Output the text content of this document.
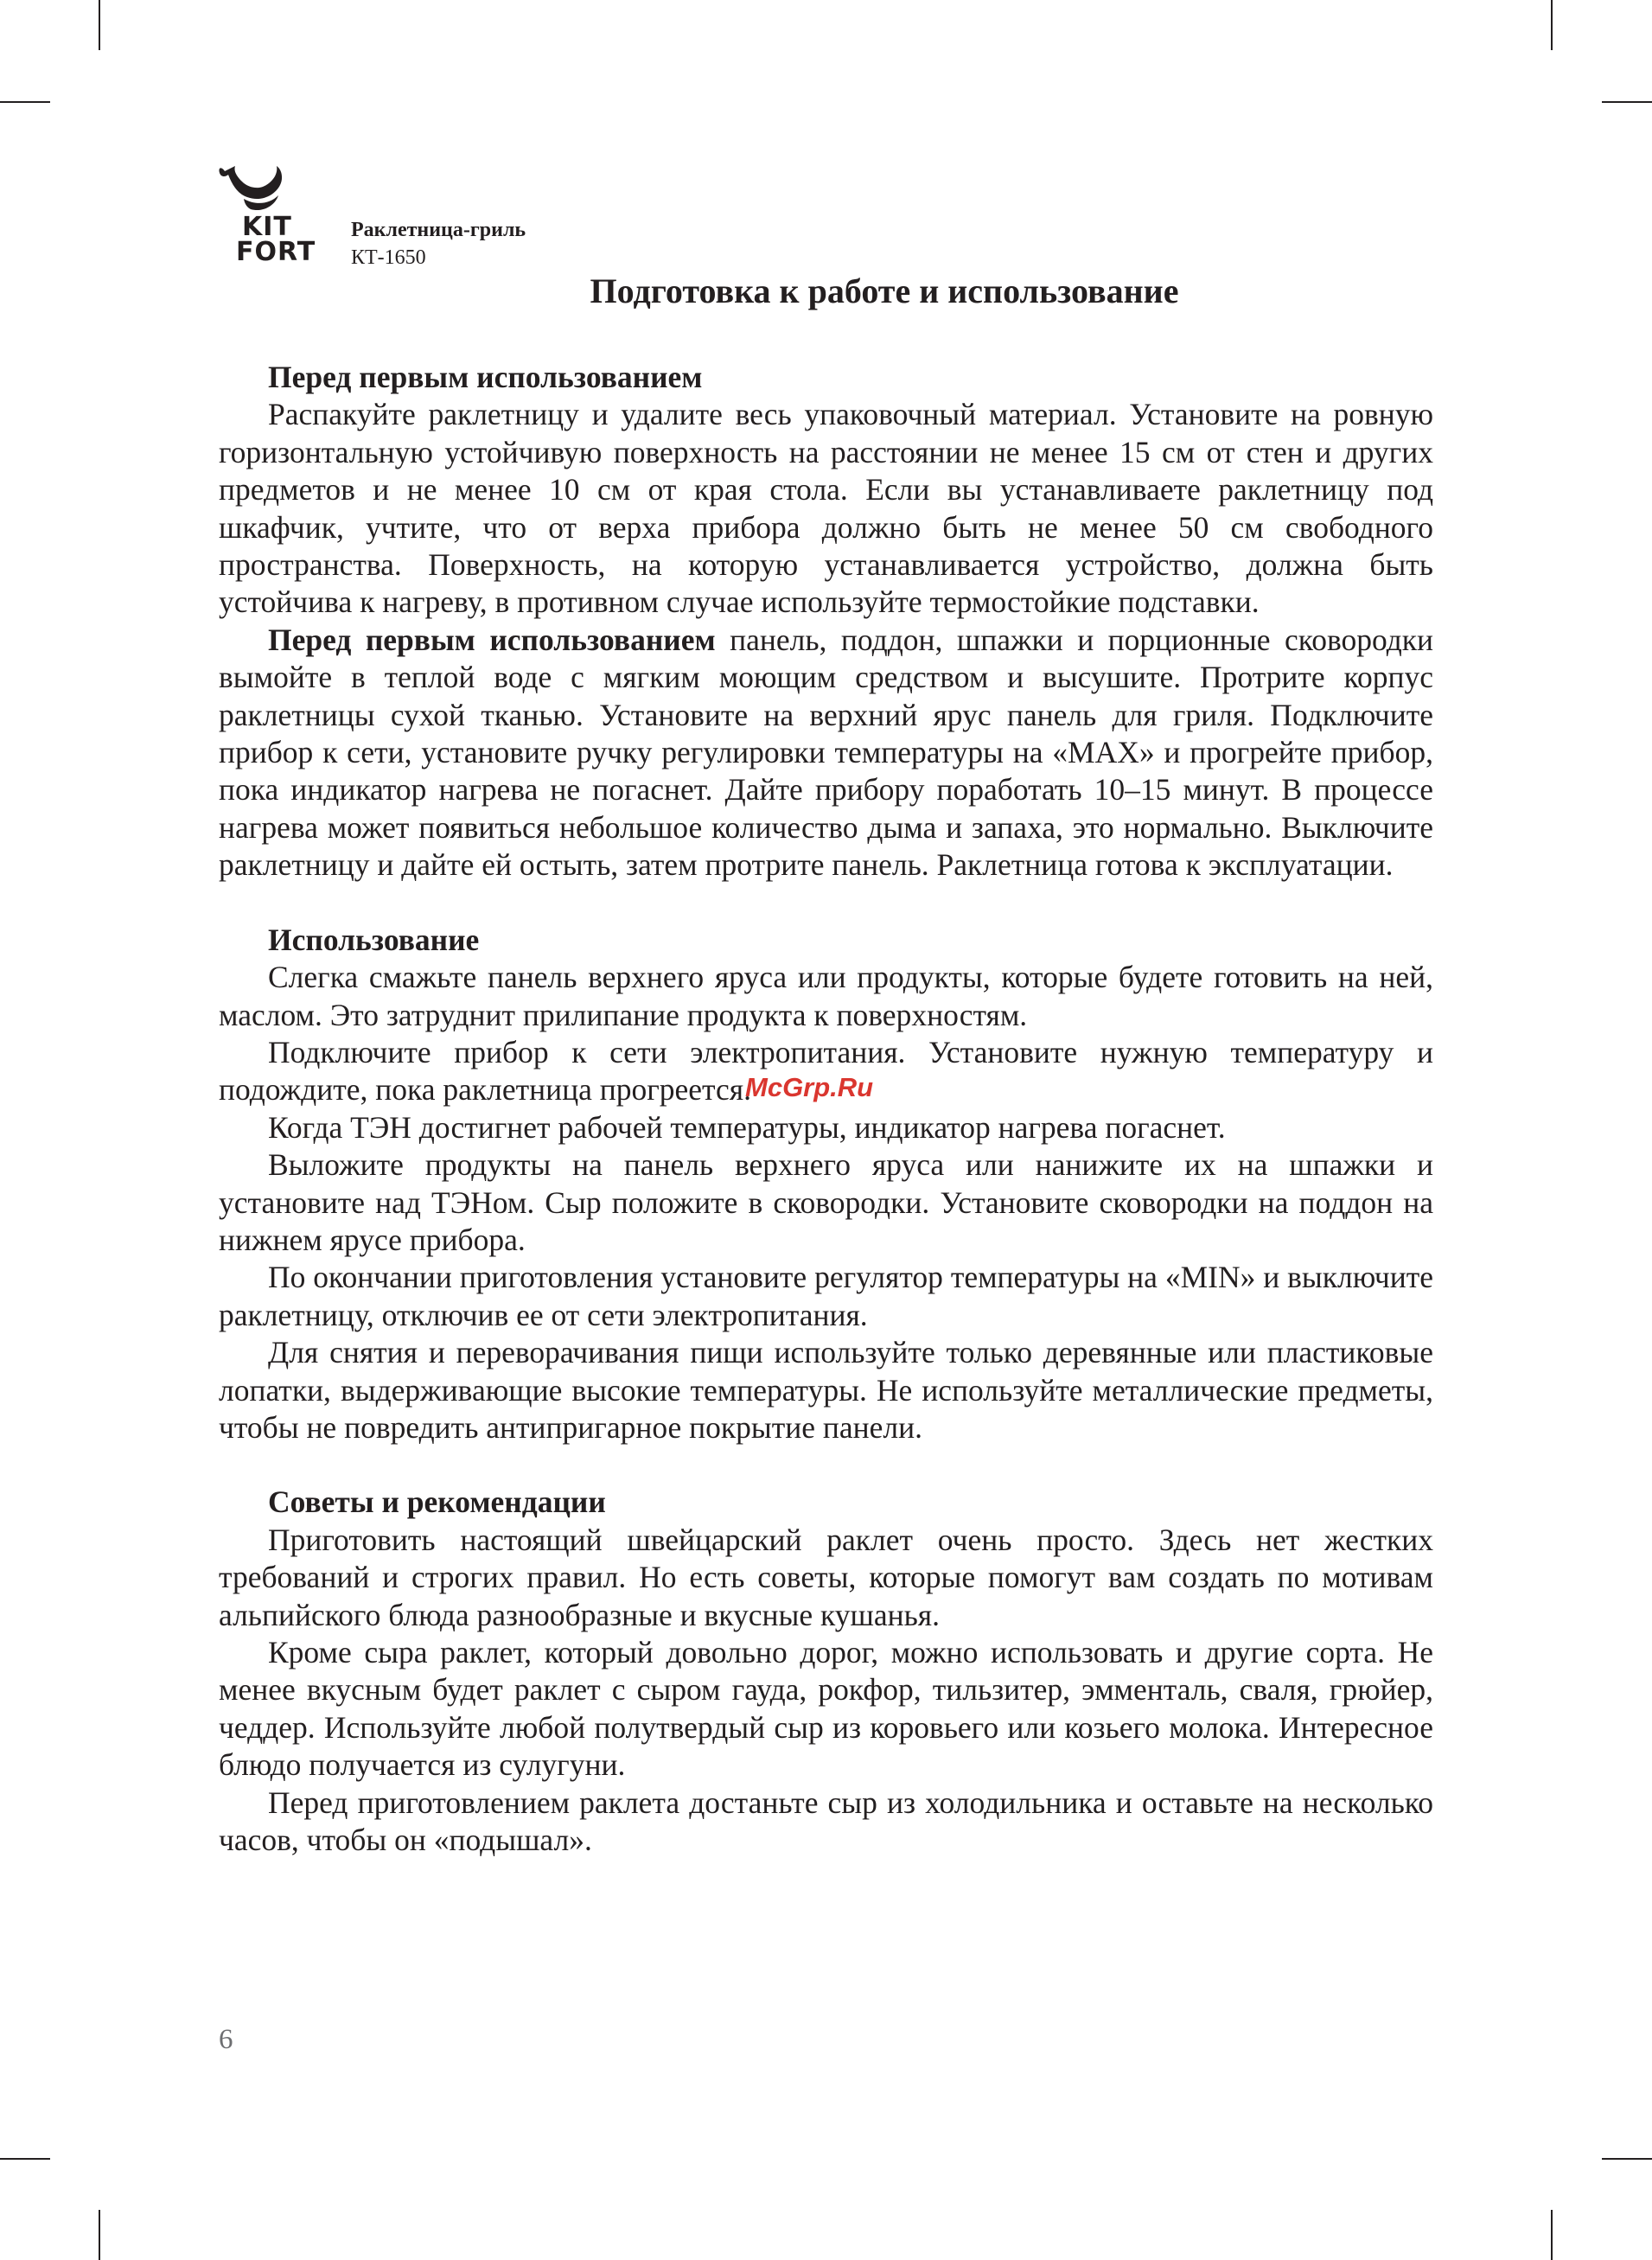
KIT
FORT
Раклетница-гриль
КТ-1650
Подготовка к работе и использование
Перед первым использованием

Распакуйте раклетницу и удалите весь упаковочный материал. Установите на ровную горизонтальную устойчивую поверхность на расстоянии не менее 15 см от стен и других предметов и не менее 10 см от края стола. Если вы устанавливаете раклетницу под шкафчик, учтите, что от верха прибора должно быть не менее 50 см свободного пространства. Поверхность, на которую устанавливается устройство, должна быть устойчива к нагреву, в противном случае используйте термостойкие подставки.

Перед первым использованием панель, поддон, шпажки и порционные сковородки вымойте в теплой воде с мягким моющим средством и высушите. Протрите корпус раклетницы сухой тканью. Установите на верхний ярус панель для гриля. Подключите прибор к сети, установите ручку регулировки температуры на «MAX» и прогрейте прибор, пока индикатор нагрева не погаснет. Дайте прибору поработать 10–15 минут. В процессе нагрева может появиться небольшое количество дыма и запаха, это нормально. Выключите раклетницу и дайте ей остыть, затем протрите панель. Раклетница готова к эксплуатации.

Использование

Слегка смажьте панель верхнего яруса или продукты, которые будете готовить на ней, маслом. Это затруднит прилипание продукта к поверхностям.

Подключите прибор к сети электропитания. Установите нужную температуру и подождите, пока раклетница прогреется.

Когда ТЭН достигнет рабочей температуры, индикатор нагрева погаснет.

Выложите продукты на панель верхнего яруса или нанижите их на шпажки и установите над ТЭНом. Сыр положите в сковородки. Установите сковородки на поддон на нижнем ярусе прибора.

По окончании приготовления установите регулятор температуры на «MIN» и выключите раклетницу, отключив ее от сети электропитания.

Для снятия и переворачивания пищи используйте только деревянные или пластиковые лопатки, выдерживающие высокие температуры. Не используйте металлические предметы, чтобы не повредить антипригарное покрытие панели.

Советы и рекомендации

Приготовить настоящий швейцарский раклет очень просто. Здесь нет жестких требований и строгих правил. Но есть советы, которые помогут вам создать по мотивам альпийского блюда разнообразные и вкусные кушанья.

Кроме сыра раклет, который довольно дорог, можно использовать и другие сорта. Не менее вкусным будет раклет с сыром гауда, рокфор, тильзитер, эмменталь, сваля, грюйер, чеддер. Используйте любой полутвердый сыр из коровьего или козьего молока. Интересное блюдо получается из сулугуни.

Перед приготовлением раклета достаньте сыр из холодильника и оставьте на несколько часов, чтобы он «подышал».

McGrp.Ru
6
